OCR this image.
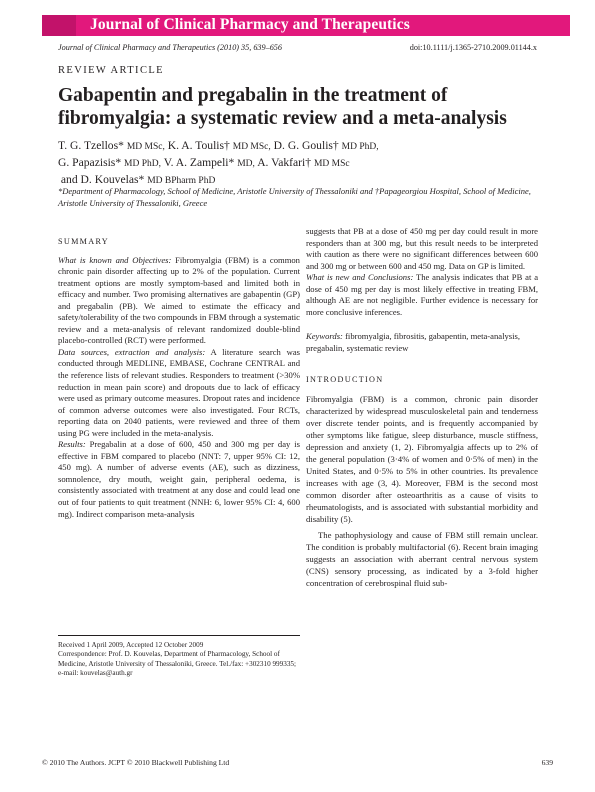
Journal of Clinical Pharmacy and Therapeutics
Journal of Clinical Pharmacy and Therapeutics (2010) 35, 639–656	doi:10.1111/j.1365-2710.2009.01144.x
REVIEW ARTICLE
Gabapentin and pregabalin in the treatment of fibromyalgia: a systematic review and a meta-analysis
T. G. Tzellos* MD MSc, K. A. Toulis† MD MSc, D. G. Goulis† MD PhD,
G. Papazisis* MD PhD, V. A. Zampeli* MD, A. Vakfari† MD MSc
and D. Kouvelas* MD BPharm PhD
*Department of Pharmacology, School of Medicine, Aristotle University of Thessaloniki and †Papageorgiou Hospital, School of Medicine, Aristotle University of Thessaloniki, Greece
SUMMARY

What is known and Objectives: Fibromyalgia (FBM) is a common chronic pain disorder affecting up to 2% of the population. Current treatment options are mostly symptom-based and limited both in efficacy and number. Two promising alternatives are gabapentin (GP) and pregabalin (PB). We aimed to estimate the efficacy and safety/tolerability of the two compounds in FBM through a systematic review and a meta-analysis of relevant randomized double-blind placebo-controlled (RCT) were performed.

Data sources, extraction and analysis: A literature search was conducted through MEDLINE, EMBASE, Cochrane CENTRAL and the reference lists of relevant studies. Responders to treatment (>30% reduction in mean pain score) and dropouts due to lack of efficacy were used as primary outcome measures. Dropout rates and incidence of common adverse outcomes were also investigated. Four RCTs, reporting data on 2040 patients, were reviewed and three of them using PG were included in the meta-analysis.

Results: Pregabalin at a dose of 600, 450 and 300 mg per day is effective in FBM compared to placebo (NNT: 7, upper 95% CI: 12, 450 mg). A number of adverse events (AE), such as dizziness, somnolence, dry mouth, weight gain, peripheral oedema, is consistently associated with treatment at any dose and could lead one out of four patients to quit treatment (NNH: 6, lower 95% CI: 4, 600 mg). Indirect comparison meta-analysis

Received 1 April 2009, Accepted 12 October 2009
Correspondence: Prof. D. Kouvelas, Department of Pharmacology, School of Medicine, Aristotle University of Thessaloniki, Greece. Tel./fax: +302310 999335; e-mail: kouvelas@auth.gr

suggests that PB at a dose of 450 mg per day could result in more responders than at 300 mg, but this result needs to be interpreted with caution as there were no significant differences between 600 and 300 mg or between 600 and 450 mg. Data on GP is limited.

What is new and Conclusions: The analysis indicates that PB at a dose of 450 mg per day is most likely effective in treating FBM, although AE are not negligible. Further evidence is necessary for more conclusive inferences.

Keywords: fibromyalgia, fibrositis, gabapentin, meta-analysis, pregabalin, systematic review

INTRODUCTION

Fibromyalgia (FBM) is a common, chronic pain disorder characterized by widespread musculoskeletal pain and tenderness over discrete tender points, and is frequently accompanied by other symptoms like fatigue, sleep disturbance, muscle stiffness, depression and anxiety (1, 2). Fibromyalgia affects up to 2% of the general population (3·4% of women and 0·5% of men) in the United States, and 0·5% to 5% in other countries. Its prevalence increases with age (3, 4). Moreover, FBM is the second most common disorder after osteoarthritis as a cause of visits to rheumatologists, and is associated with substantial morbidity and disability (5).

The pathophysiology and cause of FBM still remain unclear. The condition is probably multifactorial (6). Recent brain imaging suggests an association with aberrant central nervous system (CNS) sensory processing, as indicated by a 3-fold higher concentration of cerebrospinal fluid sub-

© 2010 The Authors. JCPT © 2010 Blackwell Publishing Ltd	639
